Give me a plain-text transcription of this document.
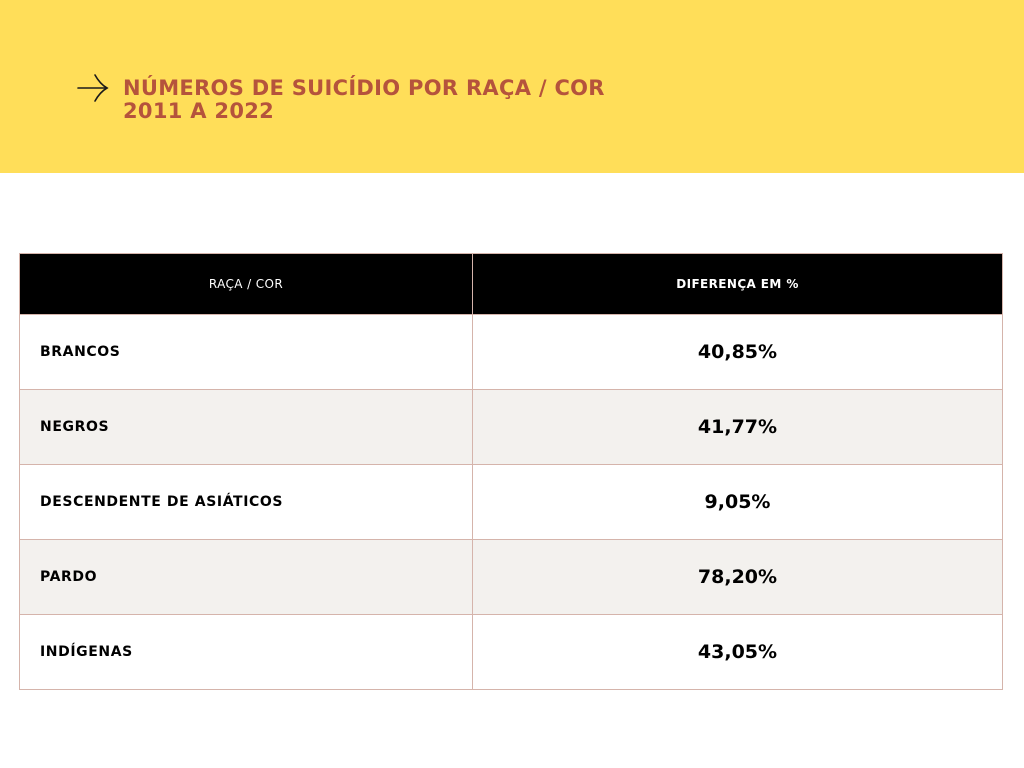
NÚMEROS DE SUICÍDIO POR RAÇA / COR
2011 A 2022
RAÇA / COR	DIFERENÇA EM %
BRANCOS	40,85%
NEGROS	41,77%
DESCENDENTE DE ASIÁTICOS	9,05%
PARDO	78,20%
INDÍGENAS	43,05%
